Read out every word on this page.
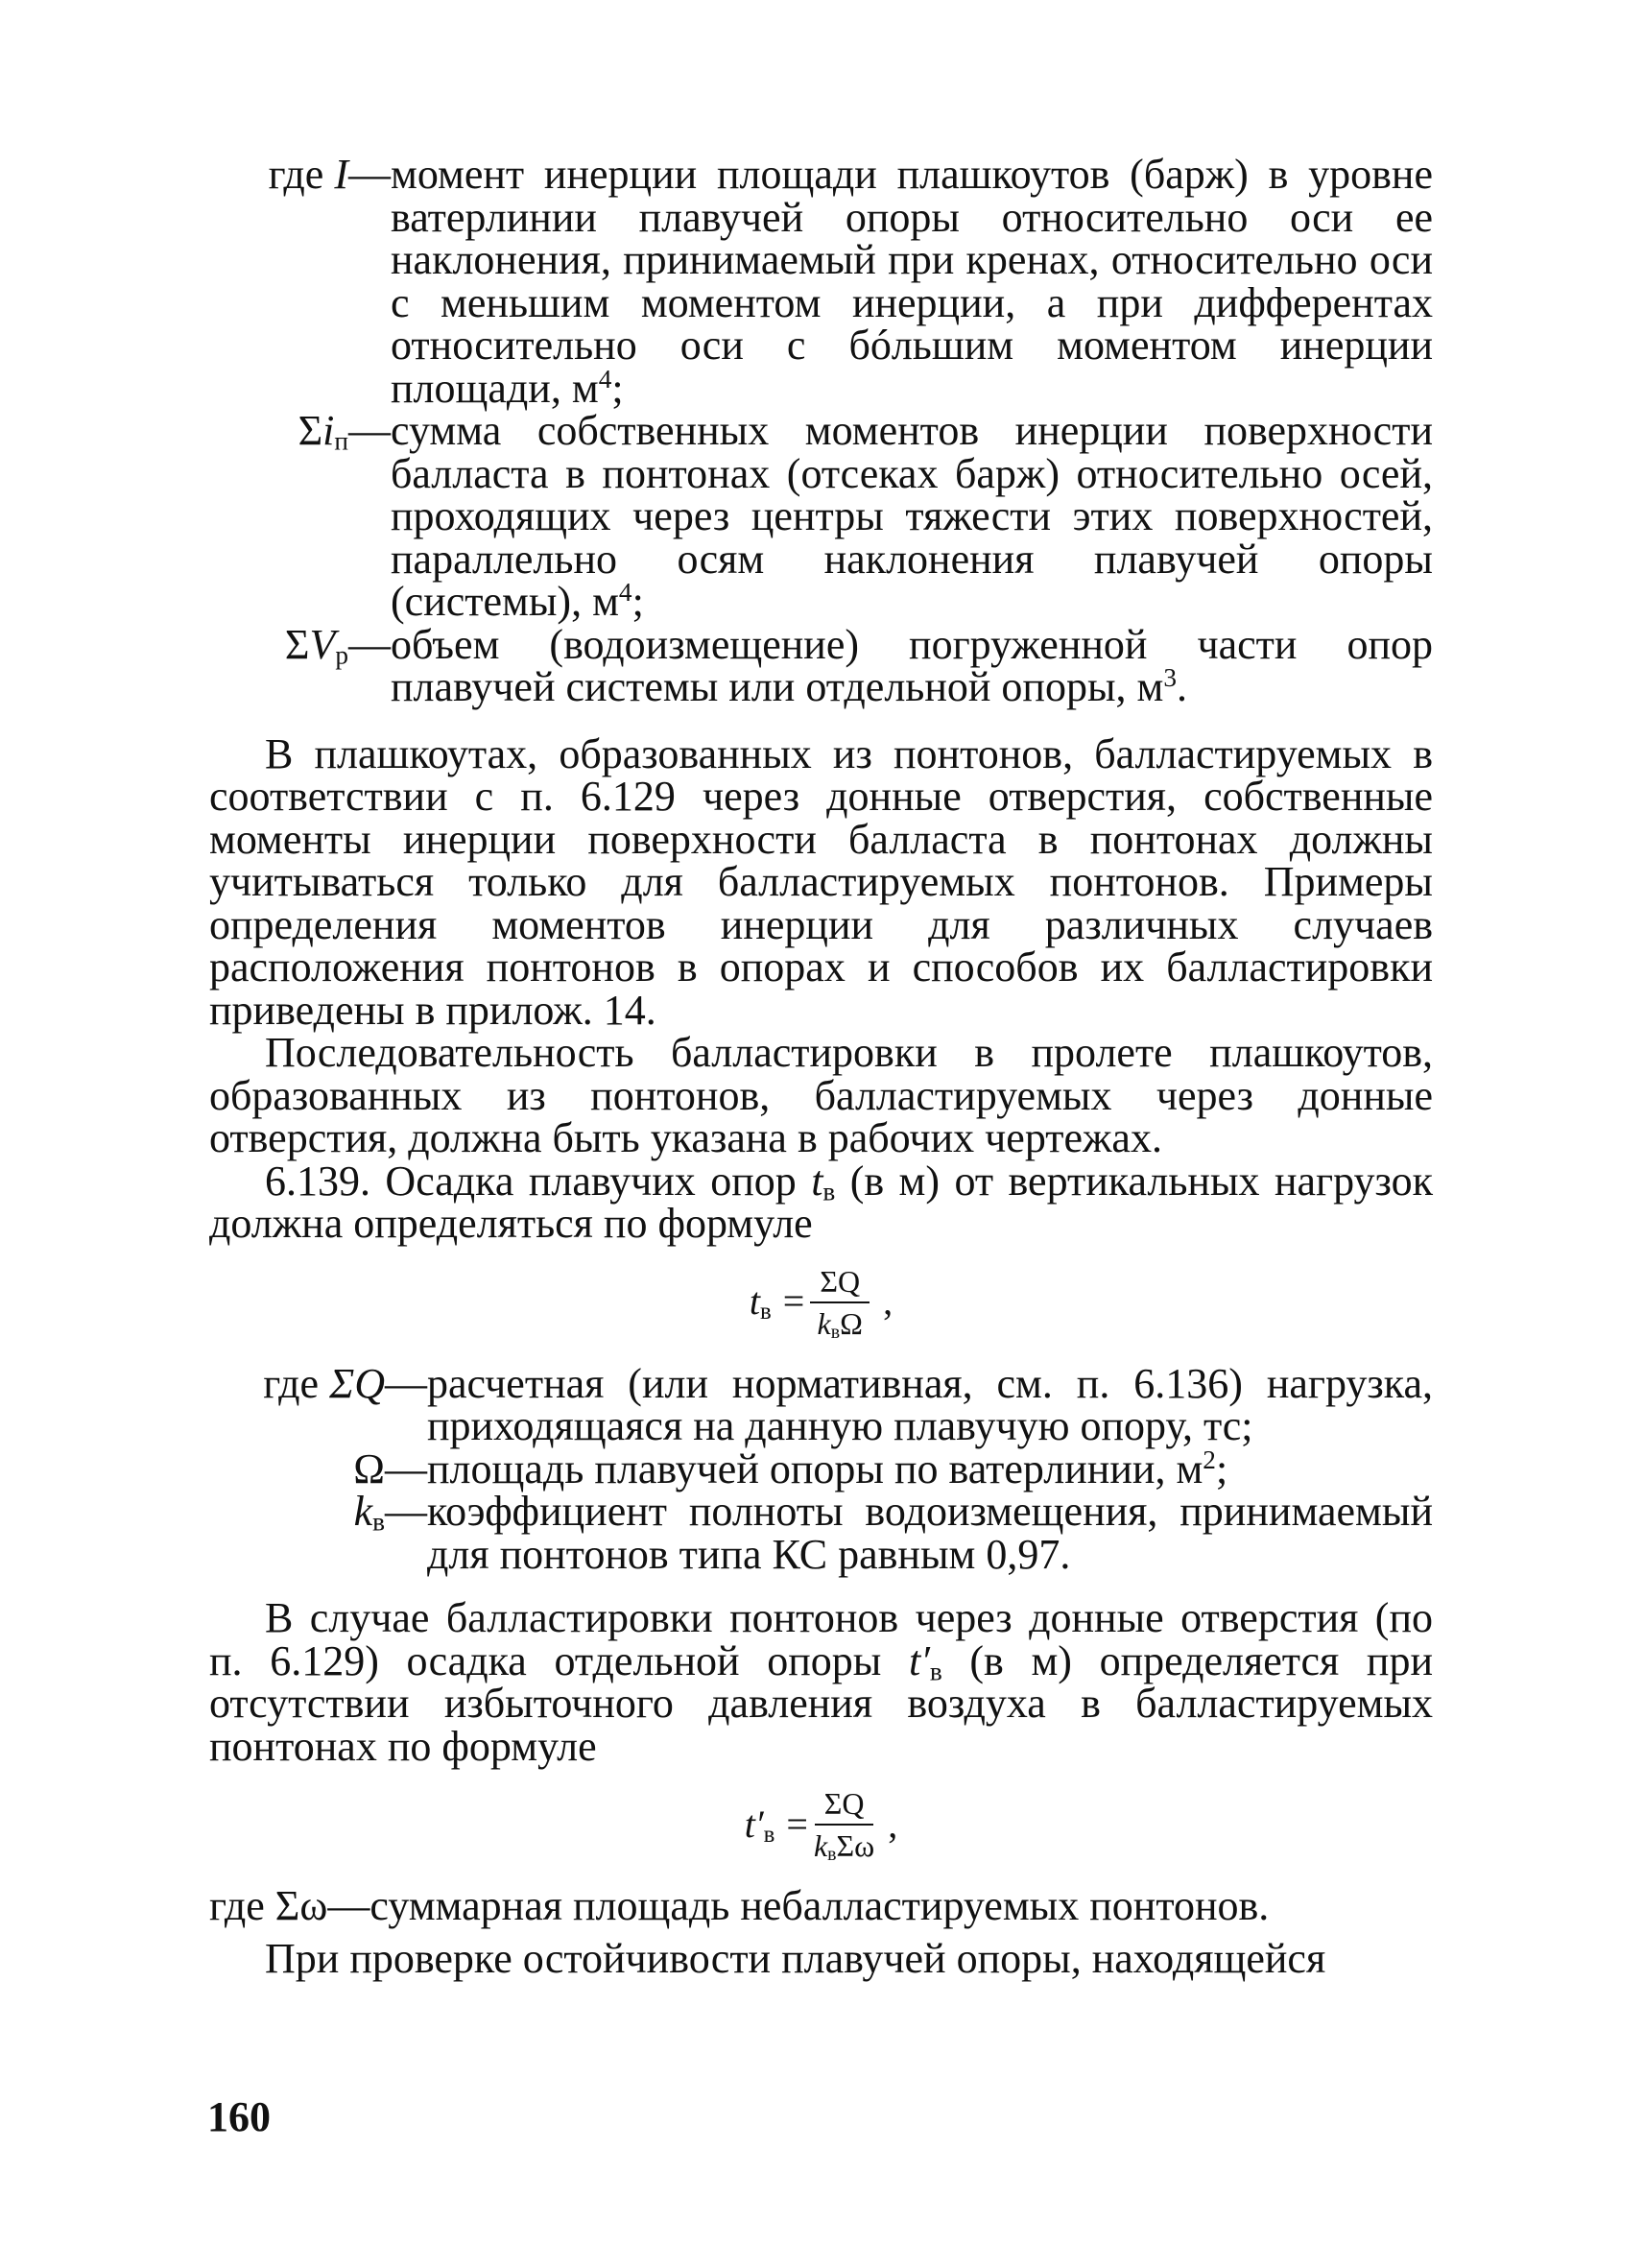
где I — момент инерции площади плашкоутов (барж) в уровне ватерлинии плавучей опоры относительно оси ее наклонения, принимаемый при кренах, относительно оси с меньшим моментом инерции, а при дифферентах относительно оси с бóльшим моментом инерции площади, $м^4$;
$\Sigma i_п$ — сумма собственных моментов инерции поверхности балласта в понтонах (отсеках барж) относительно осей, проходящих через центры тяжести этих поверхностей, параллельно осям наклонения плавучей опоры (системы), $м^4$;
$\Sigma V_р$ — объем (водоизмещение) погруженной части опор плавучей системы или отдельной опоры, $м^3$.

В плашкоутах, образованных из понтонов, балластируемых в соответствии с п. 6.129 через донные отверстия, собственные моменты инерции поверхности балласта в понтонах должны учитываться только для балластируемых понтонов. Примеры определения моментов инерции для различных случаев расположения понтонов в опорах и способов их балластировки приведены в прилож. 14.

Последовательность балластировки в пролете плашкоутов, образованных из понтонов, балластируемых через донные отверстия, должна быть указана в рабочих чертежах.

6.139. Осадка плавучих опор $t_в$ (в м) от вертикальных нагрузок должна определяться по формуле

$t_в = \frac{\Sigma Q}{k_в\Omega}$ ,
где ΣQ — расчетная (или нормативная, см. п. 6.136) нагрузка, приходящаяся на данную плавучую опору, тс;
Ω — площадь плавучей опоры по ватерлинии, $м^2$;
$k_в$ — коэффициент полноты водоизмещения, принимаемый для понтонов типа КС равным 0,97.

В случае балластировки понтонов через донные отверстия (по п. 6.129) осадка отдельной опоры $t'_в$ (в м) определяется при отсутствии избыточного давления воздуха в балластируемых понтонах по формуле

$t'_в = \frac{\Sigma Q}{k_в\Sigma\omega}$ ,
где Σω — суммарная площадь небалластируемых понтонов.

При проверке остойчивости плавучей опоры, находящейся

160
